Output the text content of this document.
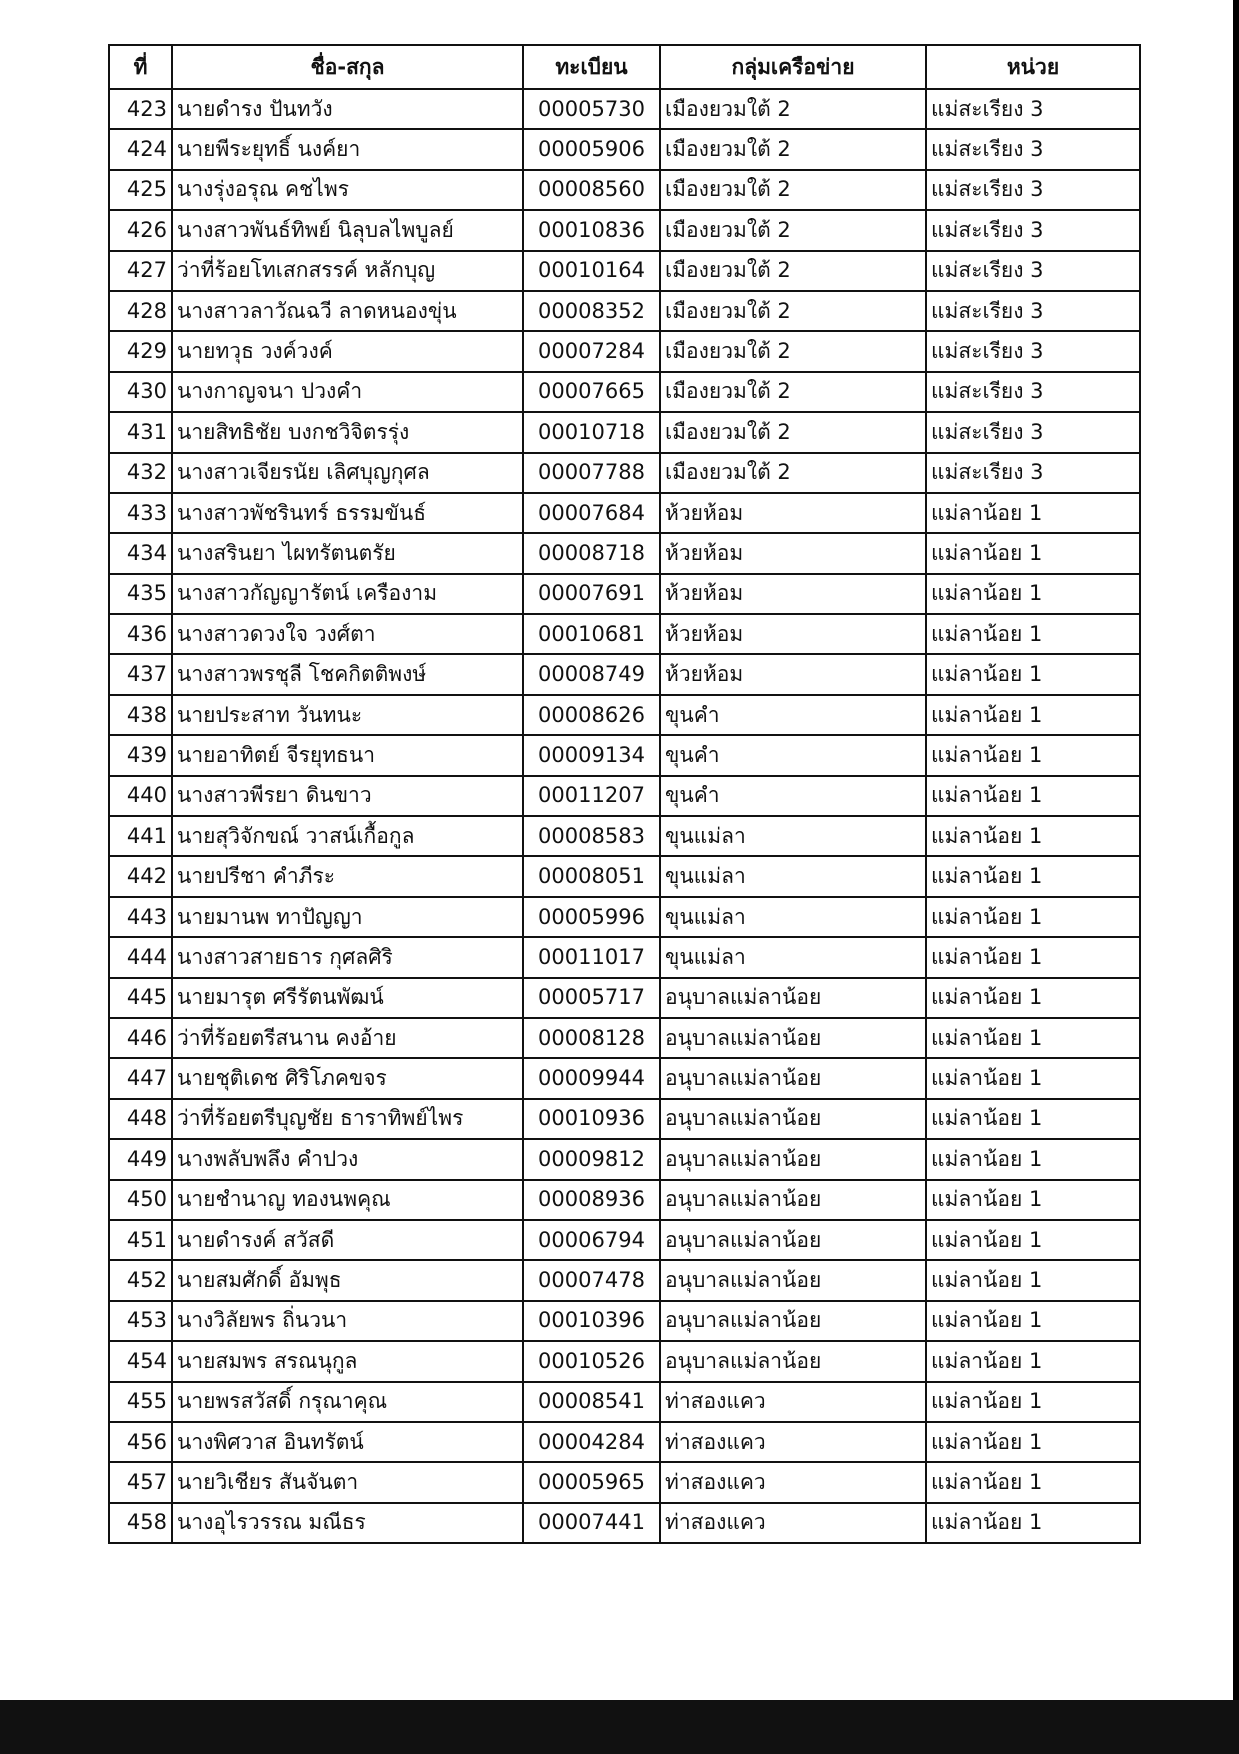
ที่	ชื่อ-สกุล	ทะเบียน	กลุ่มเครือข่าย	หน่วย
423	นายดำรง ปันทวัง	00005730	เมืองยวมใต้ 2	แม่สะเรียง 3
424	นายพีระยุทธิ์ นงค์ยา	00005906	เมืองยวมใต้ 2	แม่สะเรียง 3
425	นางรุ่งอรุณ คชไพร	00008560	เมืองยวมใต้ 2	แม่สะเรียง 3
426	นางสาวพันธ์ทิพย์ นิลุบลไพบูลย์	00010836	เมืองยวมใต้ 2	แม่สะเรียง 3
427	ว่าที่ร้อยโทเสกสรรค์ หลักบุญ	00010164	เมืองยวมใต้ 2	แม่สะเรียง 3
428	นางสาวลาวัณฉวี ลาดหนองขุ่น	00008352	เมืองยวมใต้ 2	แม่สะเรียง 3
429	นายทวุธ วงค์วงค์	00007284	เมืองยวมใต้ 2	แม่สะเรียง 3
430	นางกาญจนา ปวงคำ	00007665	เมืองยวมใต้ 2	แม่สะเรียง 3
431	นายสิทธิชัย บงกชวิจิตรรุ่ง	00010718	เมืองยวมใต้ 2	แม่สะเรียง 3
432	นางสาวเจียรนัย เลิศบุญกุศล	00007788	เมืองยวมใต้ 2	แม่สะเรียง 3
433	นางสาวพัชรินทร์ ธรรมขันธ์	00007684	ห้วยห้อม	แม่ลาน้อย 1
434	นางสรินยา ไผทรัตนตรัย	00008718	ห้วยห้อม	แม่ลาน้อย 1
435	นางสาวกัญญารัตน์ เครืองาม	00007691	ห้วยห้อม	แม่ลาน้อย 1
436	นางสาวดวงใจ วงศ์ตา	00010681	ห้วยห้อม	แม่ลาน้อย 1
437	นางสาวพรชุลี โชคกิตติพงษ์	00008749	ห้วยห้อม	แม่ลาน้อย 1
438	นายประสาท วันทนะ	00008626	ขุนคำ	แม่ลาน้อย 1
439	นายอาทิตย์ จีรยุทธนา	00009134	ขุนคำ	แม่ลาน้อย 1
440	นางสาวพีรยา ดินขาว	00011207	ขุนคำ	แม่ลาน้อย 1
441	นายสุวิจักขณ์ วาสน์เกื้อกูล	00008583	ขุนแม่ลา	แม่ลาน้อย 1
442	นายปรีชา คำภีระ	00008051	ขุนแม่ลา	แม่ลาน้อย 1
443	นายมานพ ทาปัญญา	00005996	ขุนแม่ลา	แม่ลาน้อย 1
444	นางสาวสายธาร กุศลศิริ	00011017	ขุนแม่ลา	แม่ลาน้อย 1
445	นายมารุต ศรีรัตนพัฒน์	00005717	อนุบาลแม่ลาน้อย	แม่ลาน้อย 1
446	ว่าที่ร้อยตรีสนาน คงอ้าย	00008128	อนุบาลแม่ลาน้อย	แม่ลาน้อย 1
447	นายชุติเดช ศิริโภคขจร	00009944	อนุบาลแม่ลาน้อย	แม่ลาน้อย 1
448	ว่าที่ร้อยตรีบุญชัย ธาราทิพย์ไพร	00010936	อนุบาลแม่ลาน้อย	แม่ลาน้อย 1
449	นางพลับพลึง คำปวง	00009812	อนุบาลแม่ลาน้อย	แม่ลาน้อย 1
450	นายชำนาญ ทองนพคุณ	00008936	อนุบาลแม่ลาน้อย	แม่ลาน้อย 1
451	นายดำรงค์ สวัสดี	00006794	อนุบาลแม่ลาน้อย	แม่ลาน้อย 1
452	นายสมศักดิ์ อัมพุธ	00007478	อนุบาลแม่ลาน้อย	แม่ลาน้อย 1
453	นางวิลัยพร ถิ่นวนา	00010396	อนุบาลแม่ลาน้อย	แม่ลาน้อย 1
454	นายสมพร สรณนุกูล	00010526	อนุบาลแม่ลาน้อย	แม่ลาน้อย 1
455	นายพรสวัสดิ์ กรุณาคุณ	00008541	ท่าสองแคว	แม่ลาน้อย 1
456	นางพิศวาส อินทรัตน์	00004284	ท่าสองแคว	แม่ลาน้อย 1
457	นายวิเชียร สันจันตา	00005965	ท่าสองแคว	แม่ลาน้อย 1
458	นางอุไรวรรณ มณีธร	00007441	ท่าสองแคว	แม่ลาน้อย 1
